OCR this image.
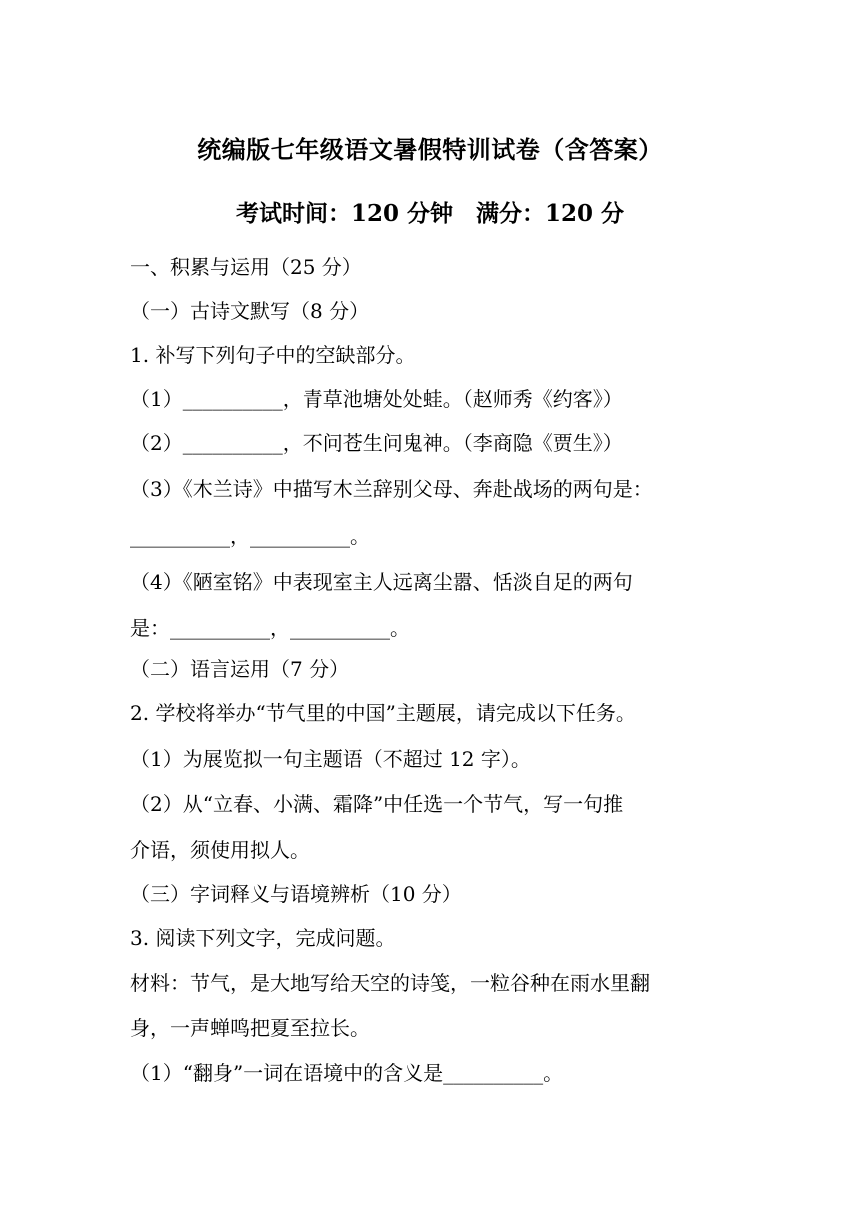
统编版七年级语文暑假特训试卷（含答案）
考试时间：120 分钟　满分：120 分
一、积累与运用（25 分）
（一）古诗文默写（8 分）
1. 补写下列句子中的空缺部分。
（1）__________，青草池塘处处蛙。（赵师秀《约客》）
（2）__________，不问苍生问鬼神。（李商隐《贾生》）
（3）《木兰诗》中描写木兰辞别父母、奔赴战场的两句是：
__________，__________。
（4）《陋室铭》中表现室主人远离尘嚣、恬淡自足的两句
是：__________，__________。
（二）语言运用（7 分）
2. 学校将举办“节气里的中国”主题展，请完成以下任务。
（1）为展览拟一句主题语（不超过 12 字）。
（2）从“立春、小满、霜降”中任选一个节气，写一句推
介语，须使用拟人。
（三）字词释义与语境辨析（10 分）
3. 阅读下列文字，完成问题。
材料：节气，是大地写给天空的诗笺，一粒谷种在雨水里翻
身，一声蝉鸣把夏至拉长。
（1）“翻身”一词在语境中的含义是__________。
